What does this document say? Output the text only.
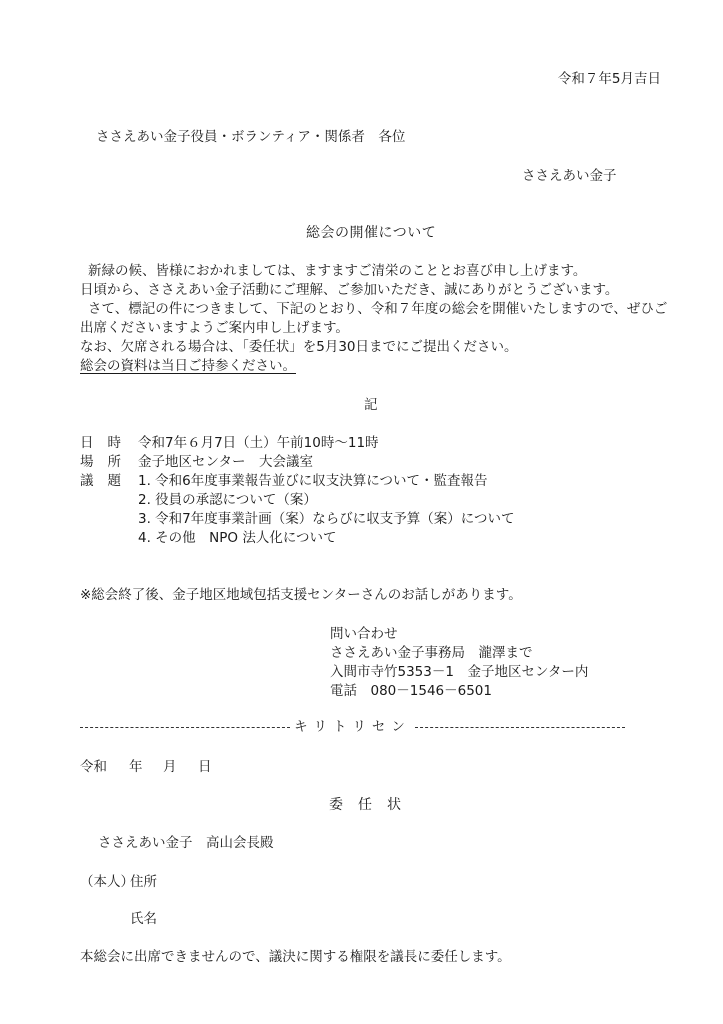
令和７年5月吉日
ささえあい金子役員・ボランティア・関係者　各位
ささえあい金子
総会の開催について
新緑の候、皆様におかれましては、ますますご清栄のこととお喜び申し上げます。
日頃から、ささえあい金子活動にご理解、ご参加いただき、誠にありがとうございます。
さて、標記の件につきまして、下記のとおり、令和７年度の総会を開催いたしますので、ぜひご
出席くださいますようご案内申し上げます。
なお、欠席される場合は、「委任状」を5月30日までにご提出ください。
総会の資料は当日ご持参ください。
記
日時 令和7年６月7日（土）午前10時～11時
場所 金子地区センター　大会議室
議題 1. 令和6年度事業報告並びに収支決算について・監査報告
2. 役員の承認について（案）
3. 令和7年度事業計画（案）ならびに収支予算（案）について
4. その他　NPO 法人化について
※総会終了後、金子地区地域包括支援センターさんのお話しがあります。
問い合わせ
ささえあい金子事務局　瀧澤まで
入間市寺竹5353－1　金子地区センター内
電話　080－1546－6501
キリトリセン
令和 年 月 日
委　任　状
ささえあい金子　高山会長殿
（本人）
住所
氏名
本総会に出席できませんので、議決に関する権限を議長に委任します。
